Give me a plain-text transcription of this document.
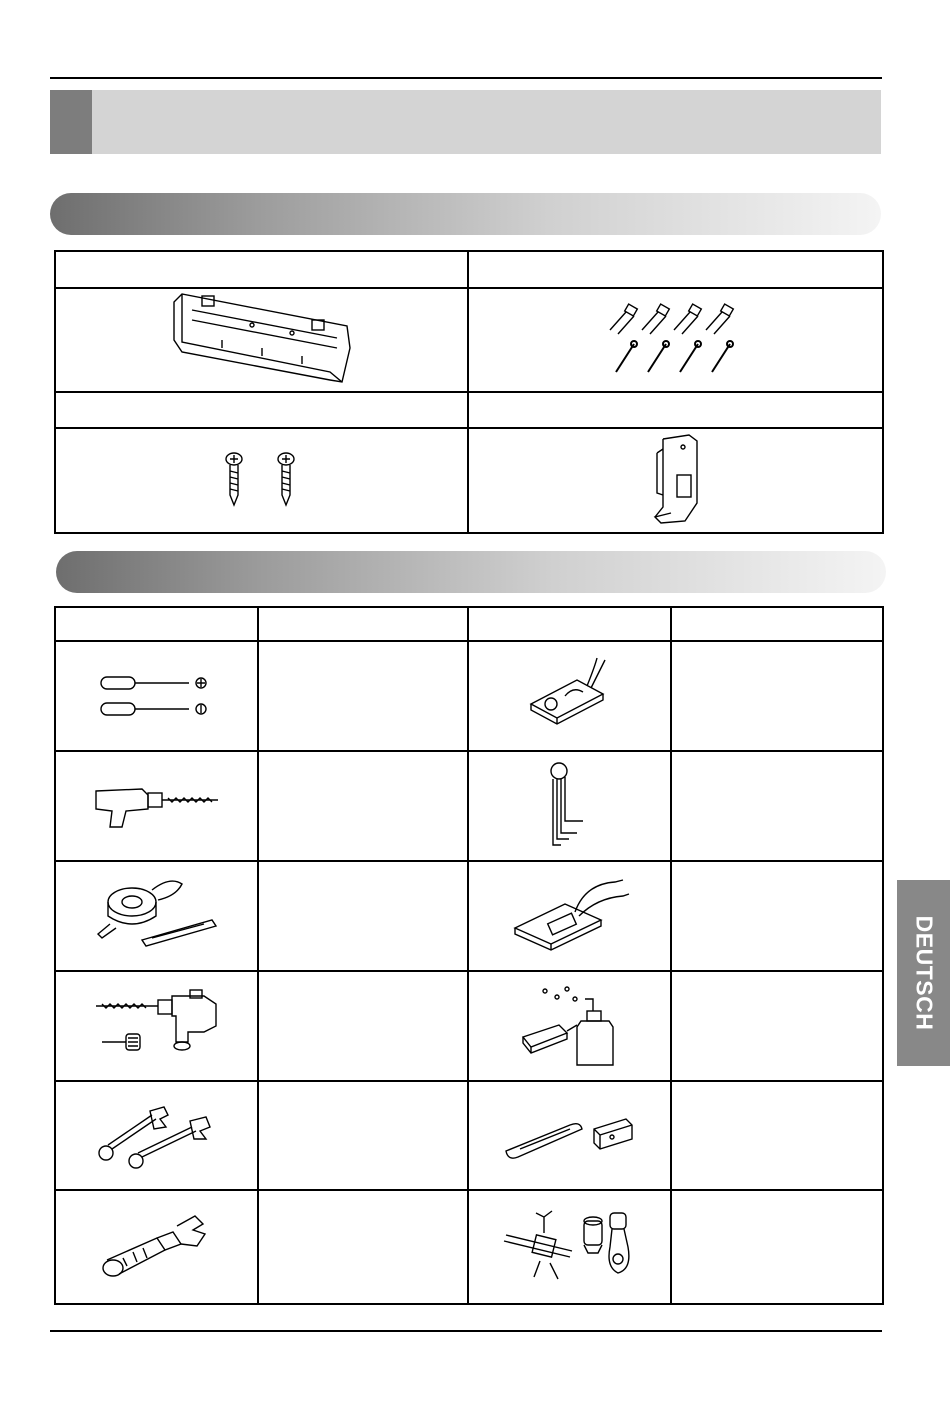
DEUTSCH
